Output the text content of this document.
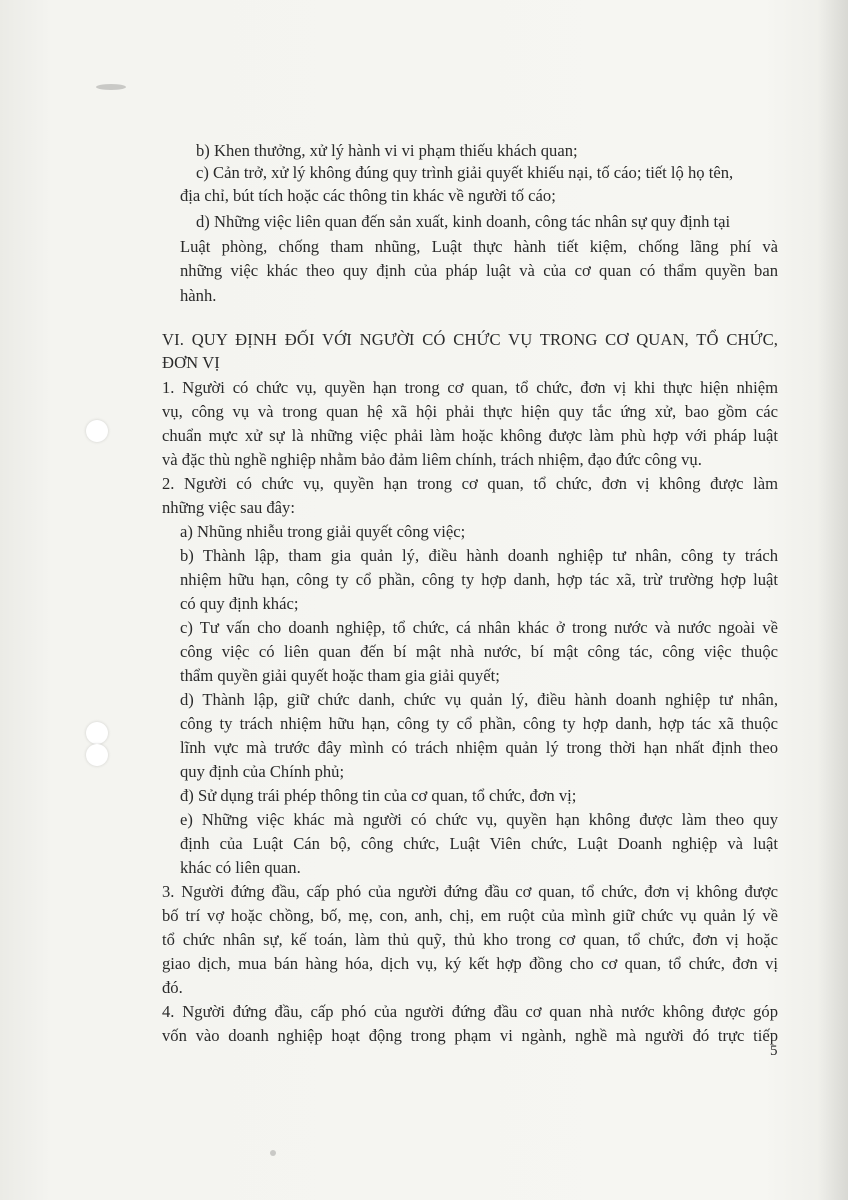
b) Khen thưởng, xử lý hành vi vi phạm thiếu khách quan;
c) Cản trở, xử lý không đúng quy trình giải quyết khiếu nại, tố cáo; tiết lộ họ tên,
địa chỉ, bút tích hoặc các thông tin khác về người tố cáo;
d) Những việc liên quan đến sản xuất, kinh doanh, công tác nhân sự quy định tại
Luật phòng, chống tham nhũng, Luật thực hành tiết kiệm, chống lãng phí và
những việc khác theo quy định của pháp luật và của cơ quan có thẩm quyền ban
hành.
VI. QUY ĐỊNH ĐỐI VỚI NGƯỜI CÓ CHỨC VỤ TRONG CƠ QUAN, TỔ CHỨC,
ĐƠN VỊ
1. Người có chức vụ, quyền hạn trong cơ quan, tổ chức, đơn vị khi thực hiện nhiệm
vụ, công vụ và trong quan hệ xã hội phải thực hiện quy tắc ứng xử, bao gồm các
chuẩn mực xử sự là những việc phải làm hoặc không được làm phù hợp với pháp luật
và đặc thù nghề nghiệp nhằm bảo đảm liêm chính, trách nhiệm, đạo đức công vụ.
2. Người có chức vụ, quyền hạn trong cơ quan, tổ chức, đơn vị không được làm
những việc sau đây:
a) Nhũng nhiễu trong giải quyết công việc;
b) Thành lập, tham gia quản lý, điều hành doanh nghiệp tư nhân, công ty trách
nhiệm hữu hạn, công ty cổ phần, công ty hợp danh, hợp tác xã, trừ trường hợp luật
có quy định khác;
c) Tư vấn cho doanh nghiệp, tổ chức, cá nhân khác ở trong nước và nước ngoài về
công việc có liên quan đến bí mật nhà nước, bí mật công tác, công việc thuộc
thẩm quyền giải quyết hoặc tham gia giải quyết;
d) Thành lập, giữ chức danh, chức vụ quản lý, điều hành doanh nghiệp tư nhân,
công ty trách nhiệm hữu hạn, công ty cổ phần, công ty hợp danh, hợp tác xã thuộc
lĩnh vực mà trước đây mình có trách nhiệm quản lý trong thời hạn nhất định theo
quy định của Chính phủ;
đ) Sử dụng trái phép thông tin của cơ quan, tổ chức, đơn vị;
e) Những việc khác mà người có chức vụ, quyền hạn không được làm theo quy
định của Luật Cán bộ, công chức, Luật Viên chức, Luật Doanh nghiệp và luật
khác có liên quan.
3. Người đứng đầu, cấp phó của người đứng đầu cơ quan, tổ chức, đơn vị không được
bố trí vợ hoặc chồng, bố, mẹ, con, anh, chị, em ruột của mình giữ chức vụ quản lý về
tổ chức nhân sự, kế toán, làm thủ quỹ, thủ kho trong cơ quan, tổ chức, đơn vị hoặc
giao dịch, mua bán hàng hóa, dịch vụ, ký kết hợp đồng cho cơ quan, tổ chức, đơn vị
đó.
4. Người đứng đầu, cấp phó của người đứng đầu cơ quan nhà nước không được góp
vốn vào doanh nghiệp hoạt động trong phạm vi ngành, nghề mà người đó trực tiếp
5
